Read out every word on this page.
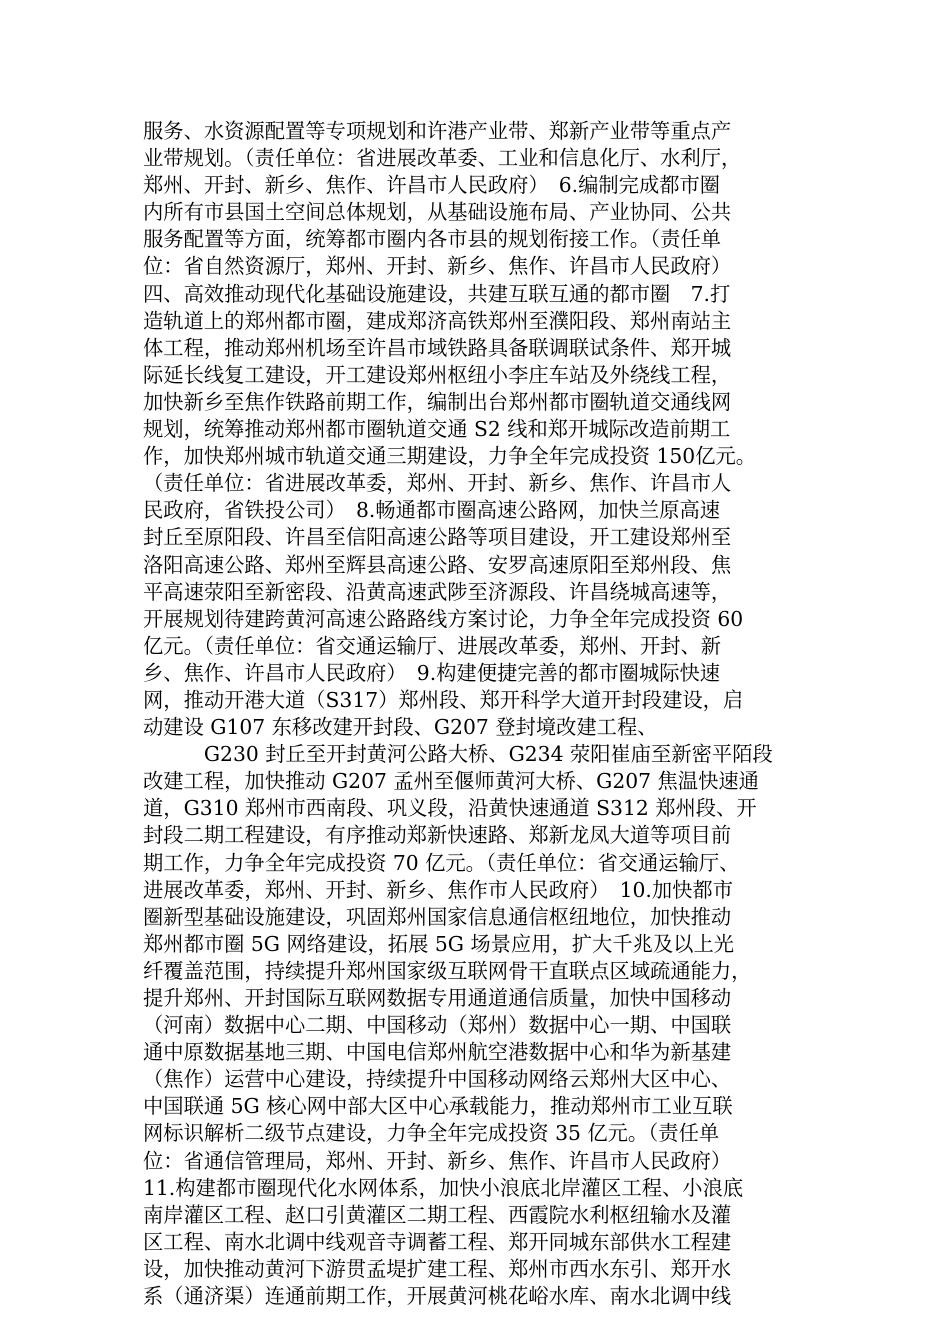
服务、水资源配置等专项规划和许港产业带、郑新产业带等重点产
业带规划。（责任单位：省进展改革委、工业和信息化厅、水利厅，
郑州、开封、新乡、焦作、许昌市人民政府）　6.编制完成都市圈
内所有市县国土空间总体规划，从基础设施布局、产业协同、公共
服务配置等方面，统筹都市圈内各市县的规划衔接工作。（责任单
位：省自然资源厅，郑州、开封、新乡、焦作、许昌市人民政府）
四、高效推动现代化基础设施建设，共建互联互通的都市圈　7.打
造轨道上的郑州都市圈，建成郑济高铁郑州至濮阳段、郑州南站主
体工程，推动郑州机场至许昌市域铁路具备联调联试条件、郑开城
际延长线复工建设，开工建设郑州枢纽小李庄车站及外绕线工程，
加快新乡至焦作铁路前期工作，编制出台郑州都市圈轨道交通线网
规划，统筹推动郑州都市圈轨道交通 S2 线和郑开城际改造前期工
作，加快郑州城市轨道交通三期建设，力争全年完成投资 150亿元。
（责任单位：省进展改革委，郑州、开封、新乡、焦作、许昌市人
民政府，省铁投公司）　8.畅通都市圈高速公路网，加快兰原高速
封丘至原阳段、许昌至信阳高速公路等项目建设，开工建设郑州至
洛阳高速公路、郑州至辉县高速公路、安罗高速原阳至郑州段、焦
平高速荥阳至新密段、沿黄高速武陟至济源段、许昌绕城高速等，
开展规划待建跨黄河高速公路路线方案讨论，力争全年完成投资 60
亿元。（责任单位：省交通运输厅、进展改革委，郑州、开封、新
乡、焦作、许昌市人民政府）　9.构建便捷完善的都市圈城际快速
网，推动开港大道（S317）郑州段、郑开科学大道开封段建设，启
动建设 G107 东移改建开封段、G207 登封境改建工程、
　　　G230 封丘至开封黄河公路大桥、G234 荥阳崔庙至新密平陌段
改建工程，加快推动 G207 孟州至偃师黄河大桥、G207 焦温快速通
道，G310 郑州市西南段、巩义段，沿黄快速通道 S312 郑州段、开
封段二期工程建设，有序推动郑新快速路、郑新龙凤大道等项目前
期工作，力争全年完成投资 70 亿元。（责任单位：省交通运输厅、
进展改革委，郑州、开封、新乡、焦作市人民政府）　10.加快都市
圈新型基础设施建设，巩固郑州国家信息通信枢纽地位，加快推动
郑州都市圈 5G 网络建设，拓展 5G 场景应用，扩大千兆及以上光
纤覆盖范围，持续提升郑州国家级互联网骨干直联点区域疏通能力，
提升郑州、开封国际互联网数据专用通道通信质量，加快中国移动
（河南）数据中心二期、中国移动（郑州）数据中心一期、中国联
通中原数据基地三期、中国电信郑州航空港数据中心和华为新基建
（焦作）运营中心建设，持续提升中国移动网络云郑州大区中心、
中国联通 5G 核心网中部大区中心承载能力，推动郑州市工业互联
网标识解析二级节点建设，力争全年完成投资 35 亿元。（责任单
位：省通信管理局，郑州、开封、新乡、焦作、许昌市人民政府）
11.构建都市圈现代化水网体系，加快小浪底北岸灌区工程、小浪底
南岸灌区工程、赵口引黄灌区二期工程、西霞院水利枢纽输水及灌
区工程、南水北调中线观音寺调蓄工程、郑开同城东部供水工程建
设，加快推动黄河下游贯孟堤扩建工程、郑州市西水东引、郑开水
系（通济渠）连通前期工作，开展黄河桃花峪水库、南水北调中线
